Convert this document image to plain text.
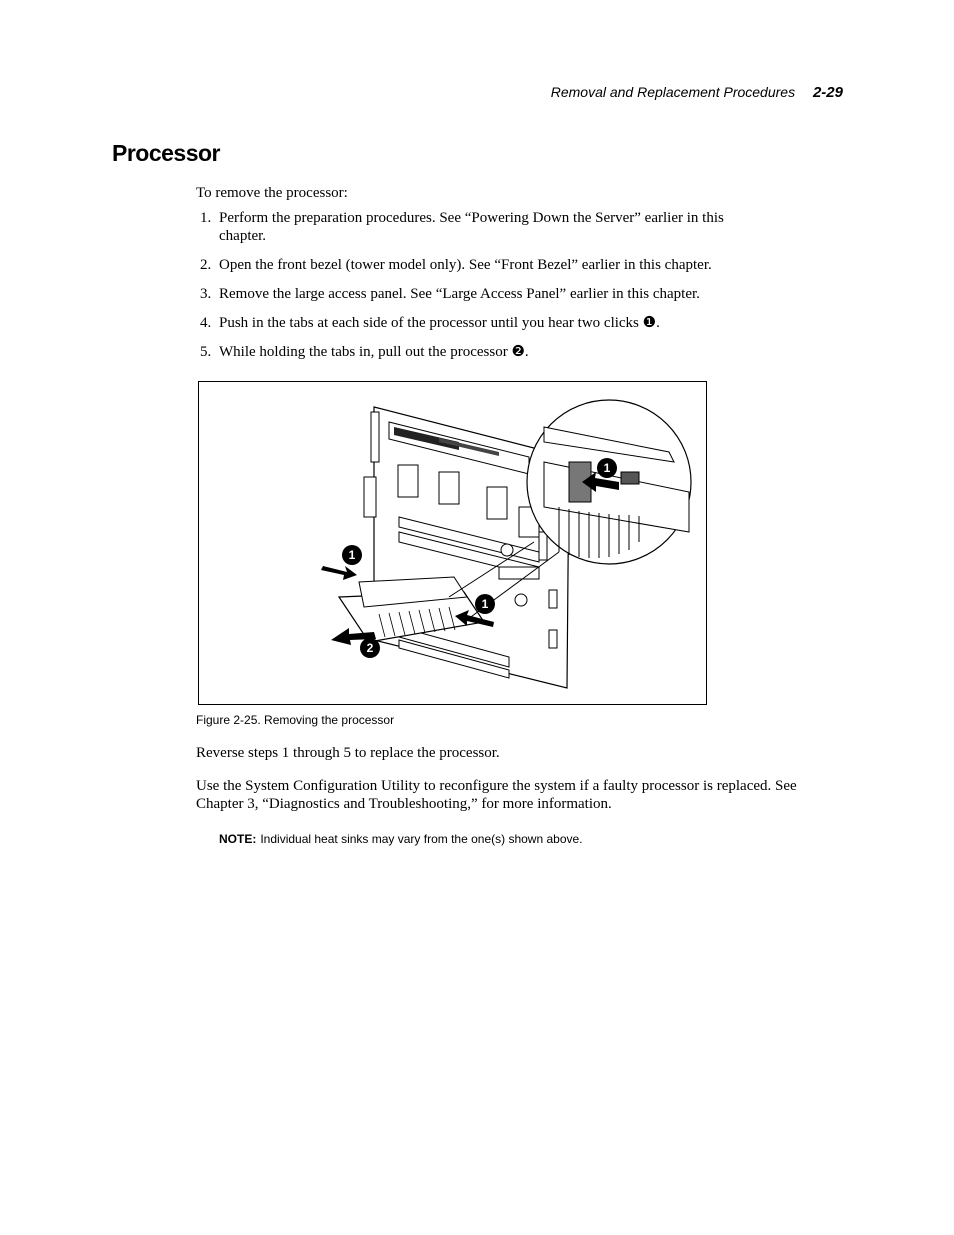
Removal and Replacement Procedures 2-29
Processor
To remove the processor:
1. Perform the preparation procedures. See “Powering Down the Server” earlier in this chapter.
2. Open the front bezel (tower model only). See “Front Bezel” earlier in this chapter.
3. Remove the large access panel. See “Large Access Panel” earlier in this chapter.
4. Push in the tabs at each side of the processor until you hear two clicks ❶.
5. While holding the tabs in, pull out the processor ❷.
1
1
1
2
Figure 2-25. Removing the processor
Reverse steps 1 through 5 to replace the processor.
Use the System Configuration Utility to reconfigure the system if a faulty processor is replaced. See Chapter 3, “Diagnostics and Troubleshooting,” for more information.
NOTE: Individual heat sinks may vary from the one(s) shown above.
